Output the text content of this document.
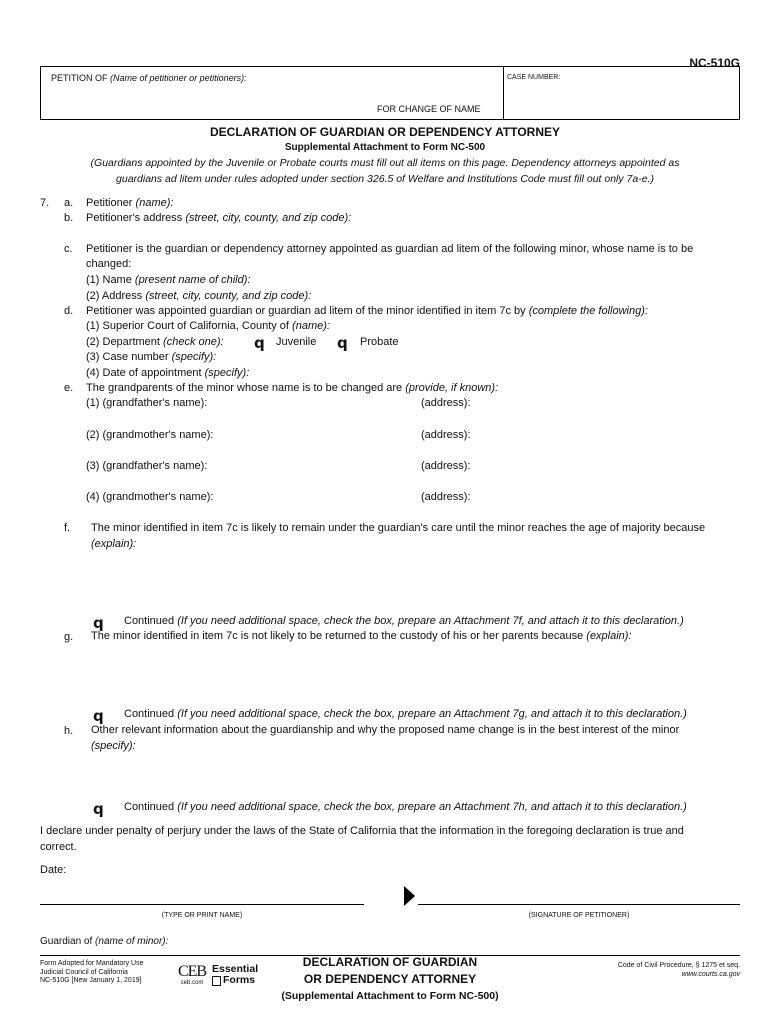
NC-510G
PETITION OF (Name of petitioner or petitioners):	CASE NUMBER:
FOR CHANGE OF NAME
DECLARATION OF GUARDIAN OR DEPENDENCY ATTORNEY
Supplemental Attachment to Form NC-500
(Guardians appointed by the Juvenile or Probate courts must fill out all items on this page. Dependency attorneys appointed as
guardians ad litem under rules adopted under section 326.5 of Welfare and Institutions Code must fill out only 7a-e.)
7. a. Petitioner (name):
b. Petitioner's address (street, city, county, and zip code):
c. Petitioner is the guardian or dependency attorney appointed as guardian ad litem of the following minor, whose name is to be
changed:
(1) Name (present name of child):
(2) Address (street, city, county, and zip code):
d. Petitioner was appointed guardian or guardian ad litem of the minor identified in item 7c by (complete the following):
(1) Superior Court of California, County of (name):
(2) Department (check one): q Juvenile q Probate
(3) Case number (specify):
(4) Date of appointment (specify):
e. The grandparents of the minor whose name is to be changed are (provide, if known):
(1) (grandfather's name):	(address):
(2) (grandmother's name):	(address):
(3) (grandfather's name):	(address):
(4) (grandmother's name):	(address):
f. The minor identified in item 7c is likely to remain under the guardian's care until the minor reaches the age of majority because
(explain):
q Continued (If you need additional space, check the box, prepare an Attachment 7f, and attach it to this declaration.)
g. The minor identified in item 7c is not likely to be returned to the custody of his or her parents because (explain):
q Continued (If you need additional space, check the box, prepare an Attachment 7g, and attach it to this declaration.)
h. Other relevant information about the guardianship and why the proposed name change is in the best interest of the minor
(specify):
q Continued (If you need additional space, check the box, prepare an Attachment 7h, and attach it to this declaration.)
I declare under penalty of perjury under the laws of the State of California that the information in the foregoing declaration is true and
correct.
Date:
(TYPE OR PRINT NAME)	(SIGNATURE OF PETITIONER)
Guardian of (name of minor):
Form Adopted for Mandatory Use
Judicial Council of California
NC-510G [New January 1, 2019]
CEB
ceb.com
Essential
Forms
DECLARATION OF GUARDIAN
OR DEPENDENCY ATTORNEY
(Supplemental Attachment to Form NC-500)
Code of Civil Procedure, § 1275 et seq.
www.courts.ca.gov
